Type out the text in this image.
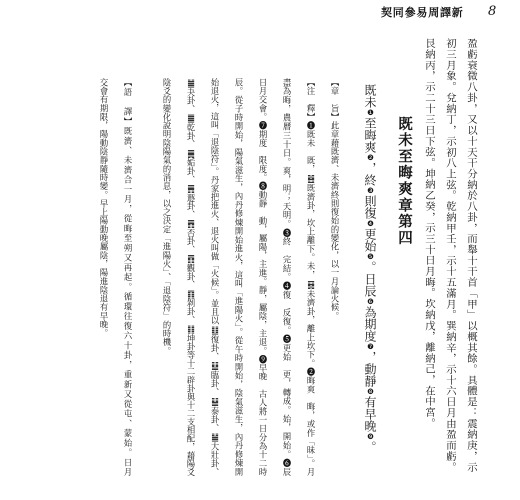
契同參易周譯新 8
盈虧衰微八卦，又以十天干分納於八卦，而舉十干首「甲」以概其餘。具體是：震納庚，示
初三月象。兌納丁，示初八上弦。乾納甲壬，示十五滿月。巽納辛，示十六日月由盈而虧。
艮納丙，示二十三日下弦。坤納乙癸，示三十日月晦。坎納戊，離納己，在中宮。
既未至晦爽章第四
既未❶至晦爽❷，終❸則復❹更始❺。日辰❻為期度❼，動靜❽有早晚❾。
【章　旨】此章藉既濟、未濟終則復始的變化，以一月論火候。
【注　釋】❶既未　既，䷾既濟卦，坎上離下。未，䷿未濟卦，離上坎下。❷晦爽　晦，或作「昧」。月
盡為晦，農曆三十日。爽，明；天明。❸終　完結。❹復　反復。❺更始　更，轉成。始，開始。❻辰
日月交會。❼期度　限度。❽動靜　動，屬陽，主進。靜，屬陰，主退。❾早晚　古人將一日分為十二時
辰。從子時開始，陽氣滋生，內丹修煉開始進火，這叫「進陽火」。從午時開始，陰氣滋生，內丹修煉開
始退火，這叫「退陰符」。丹家把進火、退火叫做「火候」。並且以䷗復卦、䷒臨卦、䷊泰卦、䷡大壯卦、
䷪夬卦、䷀乾卦、䷫姤卦、䷠遯卦、䷋否卦、䷓觀卦、䷖剝卦、䷁坤卦等十二辟卦與十二支相配，藉陽爻
陰爻的變化說明陰陽氣的消息，以之決定「進陽火」、「退陰符」的時機。
【語　譯】既濟、未濟合一月，從晦至朔又再起。循環往復六十卦，重新又從屯、蒙始。日月
交會有期限，陽動陰靜隨時變。早上陽動晚屬陰，陽進陰退有早晚。
